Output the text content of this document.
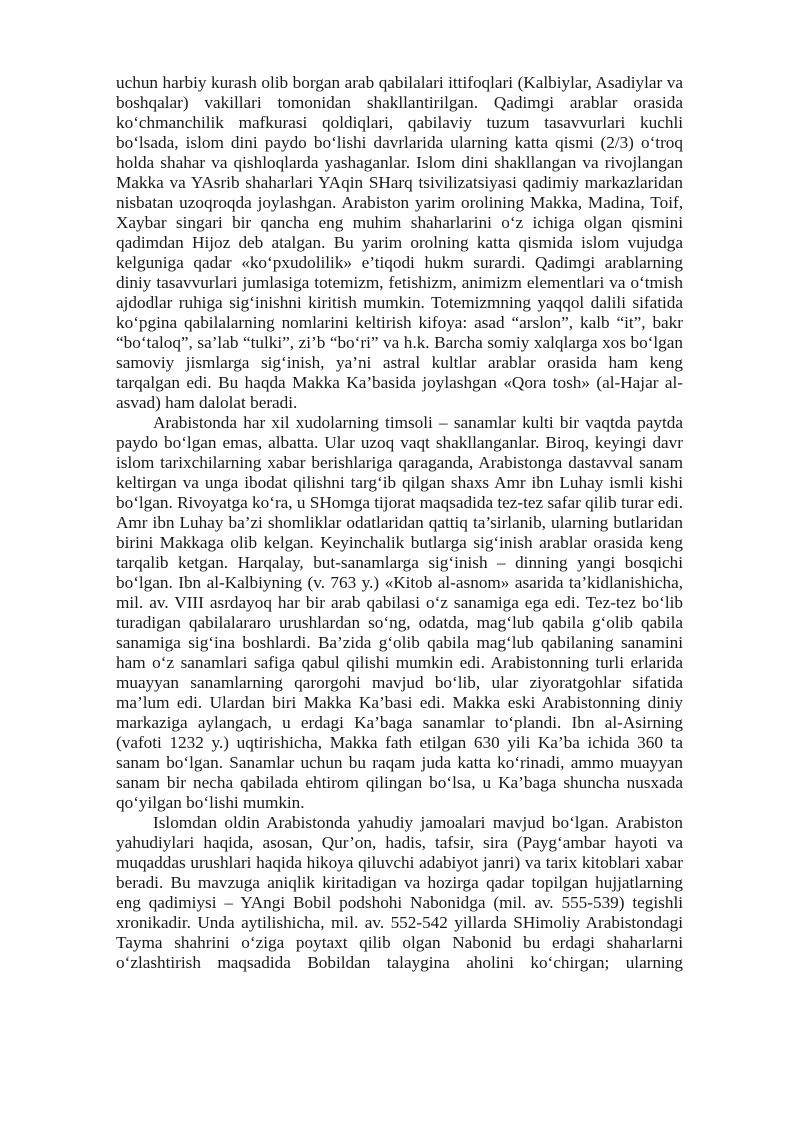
uchun harbiy kurash olib borgan arab qabilalari ittifoqlari (Kalbiylar, Asadiylar va boshqalar) vakillari tomonidan shakllantirilgan. Qadimgi arablar orasida ko‘chmanchilik mafkurasi qoldiqlari, qabilaviy tuzum tasavvurlari kuchli bo‘lsada, islom dini paydo bo‘lishi davrlarida ularning katta qismi (2/3) o‘troq holda shahar va qishloqlarda yashaganlar. Islom dini shakllangan va rivojlangan Makka va YAsrib shaharlari YAqin SHarq tsivilizatsiyasi qadimiy markazlaridan nisbatan uzoqroqda joylashgan. Arabiston yarim orolining Makka, Madina, Toif, Xaybar singari bir qancha eng muhim shaharlarini o‘z ichiga olgan qismini qadimdan Hijoz deb atalgan. Bu yarim orolning katta qismida islom vujudga kelguniga qadar «ko‘pxudolilik» e’tiqodi hukm surardi. Qadimgi arablarning diniy tasavvurlari jumlasiga totemizm, fetishizm, animizm elementlari va o‘tmish ajdodlar ruhiga sig‘inishni kiritish mumkin. Totemizmning yaqqol dalili sifatida ko‘pgina qabilalarning nomlarini keltirish kifoya: asad “arslon”, kalb “it”, bakr “bo‘taloq”, sa’lab “tulki”, zi’b “bo‘ri” va h.k. Barcha somiy xalqlarga xos bo‘lgan samoviy jismlarga sig‘inish, ya’ni astral kultlar arablar orasida ham keng tarqalgan edi. Bu haqda Makka Ka’basida joylashgan «Qora tosh» (al-Hajar al-asvad) ham dalolat beradi.

Arabistonda har xil xudolarning timsoli – sanamlar kulti bir vaqtda paytda paydo bo‘lgan emas, albatta. Ular uzoq vaqt shakllanganlar. Biroq, keyingi davr islom tarixchilarning xabar berishlariga qaraganda, Arabistonga dastavval sanam keltirgan va unga ibodat qilishni targ‘ib qilgan shaxs Amr ibn Luhay ismli kishi bo‘lgan. Rivoyatga ko‘ra, u SHomga tijorat maqsadida tez-tez safar qilib turar edi. Amr ibn Luhay ba’zi shomliklar odatlaridan qattiq ta’sirlanib, ularning butlaridan birini Makkaga olib kelgan. Keyinchalik butlarga sig‘inish arablar orasida keng tarqalib ketgan. Harqalay, but-sanamlarga sig‘inish – dinning yangi bosqichi bo‘lgan. Ibn al-Kalbiyning (v. 763 y.) «Kitob al-asnom» asarida ta’kidlanishicha, mil. av. VIII asrdayoq har bir arab qabilasi o‘z sanamiga ega edi. Tez-tez bo‘lib turadigan qabilalararo urushlardan so‘ng, odatda, mag‘lub qabila g‘olib qabila sanamiga sig‘ina boshlardi. Ba’zida g‘olib qabila mag‘lub qabilaning sanamini ham o‘z sanamlari safiga qabul qilishi mumkin edi. Arabistonning turli erlarida muayyan sanamlarning qarorgohi mavjud bo‘lib, ular ziyoratgohlar sifatida ma’lum edi. Ulardan biri Makka Ka’basi edi. Makka eski Arabistonning diniy markaziga aylangach, u erdagi Ka’baga sanamlar to‘plandi. Ibn al-Asirning (vafoti 1232 y.) uqtirishicha, Makka fath etilgan 630 yili Ka’ba ichida 360 ta sanam bo‘lgan. Sanamlar uchun bu raqam juda katta ko‘rinadi, ammo muayyan sanam bir necha qabilada ehtirom qilingan bo‘lsa, u Ka’baga shuncha nusxada qo‘yilgan bo‘lishi mumkin.

Islomdan oldin Arabistonda yahudiy jamoalari mavjud bo‘lgan. Arabiston yahudiylari haqida, asosan, Qur’on, hadis, tafsir, sira (Payg‘ambar hayoti va muqaddas urushlari haqida hikoya qiluvchi adabiyot janri) va tarix kitoblari xabar beradi. Bu mavzuga aniqlik kiritadigan va hozirga qadar topilgan hujjatlarning eng qadimiysi – YAngi Bobil podshohi Nabonidga (mil. av. 555-539) tegishli xronikadir. Unda aytilishicha, mil. av. 552-542 yillarda SHimoliy Arabistondagi Tayma shahrini o‘ziga poytaxt qilib olgan Nabonid bu erdagi shaharlarni o‘zlashtirish maqsadida Bobildan talaygina aholini ko‘chirgan; ularning
